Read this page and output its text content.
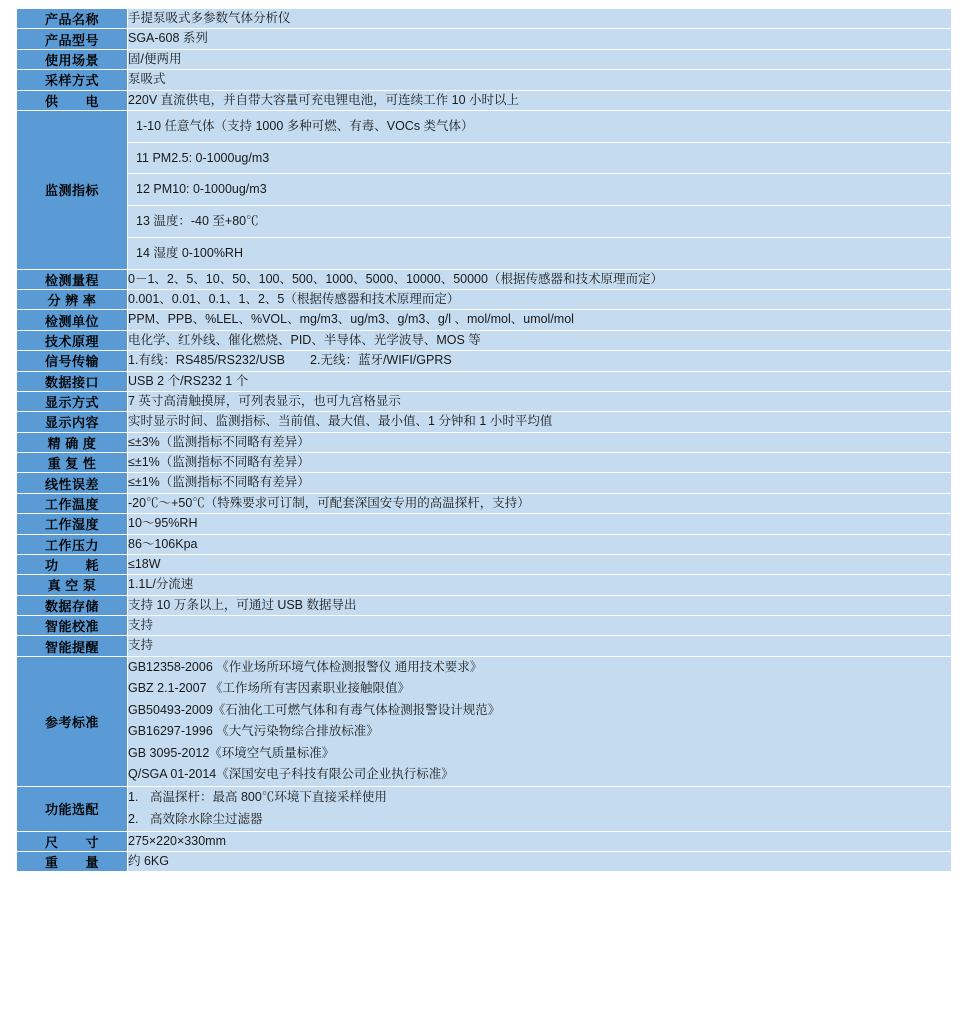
产品名称	手提泵吸式多参数气体分析仪
产品型号	SGA-608 系列
使用场景	固/便两用
采样方式	泵吸式
供　　电	220V 直流供电，并自带大容量可充电锂电池，可连续工作 10 小时以上
监测指标	1-10 任意气体（支持 1000 多种可燃、有毒、VOCs 类气体）
11 PM2.5: 0-1000ug/m3
12 PM10: 0-1000ug/m3
13 温度：-40 至+80℃
14 湿度 0-100%RH

检测量程	0－1、2、5、10、50、100、500、1000、5000、10000、50000（根据传感器和技术原理而定）
分 辨 率	0.001、0.01、0.1、1、2、5（根据传感器和技术原理而定）
检测单位	PPM、PPB、%LEL、%VOL、mg/m3、ug/m3、g/m3、g/l 、mol/mol、umol/mol
技术原理	电化学、红外线、催化燃烧、PID、半导体、光学波导、MOS 等
信号传输	1.有线：RS485/RS232/USB　　2.无线：蓝牙/WIFI/GPRS
数据接口	USB 2 个/RS232 1 个
显示方式	7 英寸高清触摸屏，可列表显示，也可九宫格显示
显示内容	实时显示时间、监测指标、当前值、最大值、最小值、1 分钟和 1 小时平均值
精 确 度	≤±3%（监测指标不同略有差异）
重 复 性	≤±1%（监测指标不同略有差异）
线性误差	≤±1%（监测指标不同略有差异）
工作温度	-20℃～+50℃（特殊要求可订制，可配套深国安专用的高温探杆，支持）
工作湿度	10～95%RH
工作压力	86～106Kpa
功　　耗	≤18W
真 空 泵	1.1L/分流速
数据存储	支持 10 万条以上，可通过 USB 数据导出
智能校准	支持
智能提醒	支持
参考标准	
GB12358-2006 《作业场所环境气体检测报警仪 通用技术要求》
GBZ 2.1-2007 《工作场所有害因素职业接触限值》
GB50493-2009《石油化工可燃气体和有毒气体检测报警设计规范》
GB16297-1996 《大气污染物综合排放标准》
GB 3095-2012《环境空气质量标准》
Q/SGA 01-2014《深国安电子科技有限公司企业执行标准》

功能选配	1. 高温探杆：最高 800℃环境下直接采样使用
2. 高效除水除尘过滤器

尺　　寸	275×220×330mm
重　　量	约 6KG
